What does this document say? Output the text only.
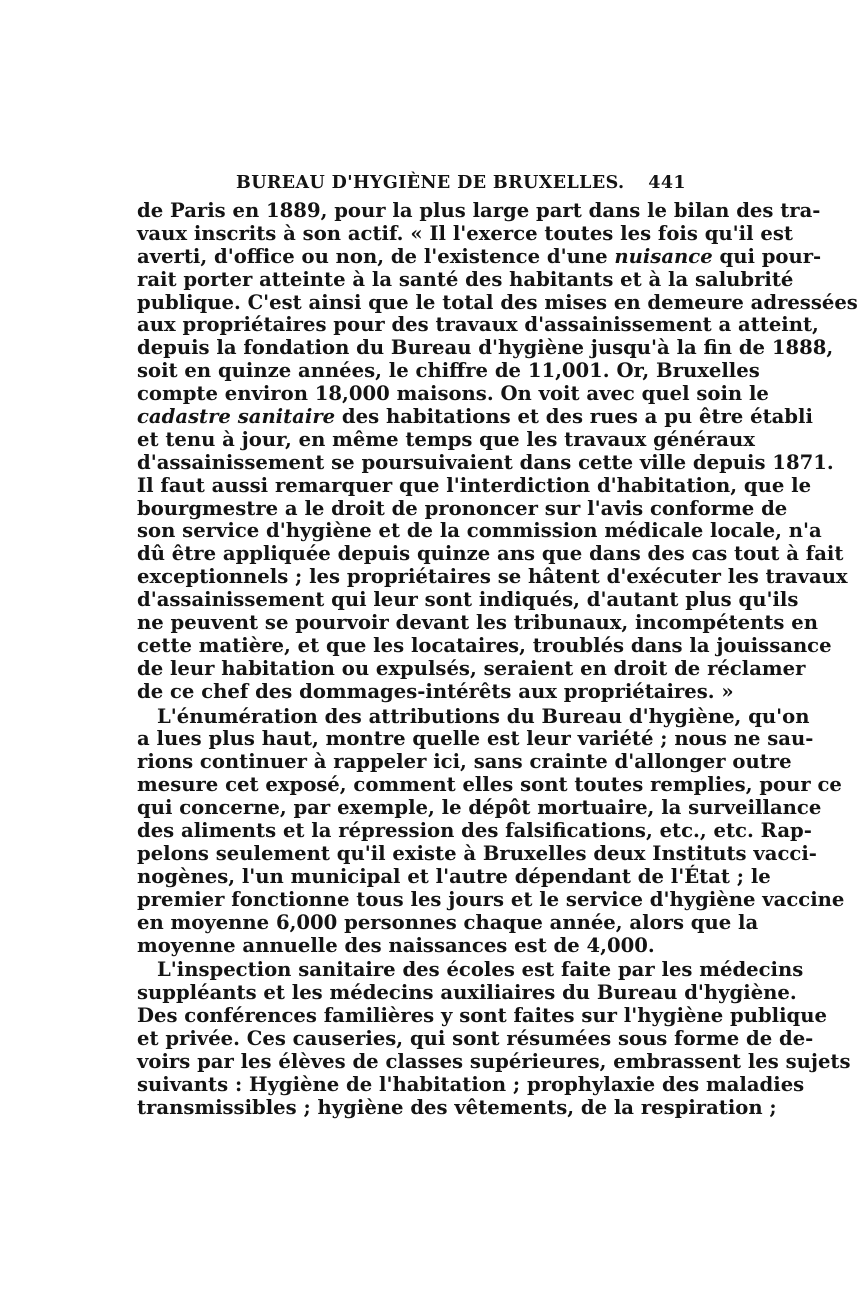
BUREAU D'HYGIÈNE DE BRUXELLES. 441
de Paris en 1889, pour la plus large part dans le bilan des tra-
vaux inscrits à son actif. « Il l'exerce toutes les fois qu'il est
averti, d'office ou non, de l'existence d'une nuisance qui pour-
rait porter atteinte à la santé des habitants et à la salubrité
publique. C'est ainsi que le total des mises en demeure adressées
aux propriétaires pour des travaux d'assainissement a atteint,
depuis la fondation du Bureau d'hygiène jusqu'à la fin de 1888,
soit en quinze années, le chiffre de 11,001. Or, Bruxelles
compte environ 18,000 maisons. On voit avec quel soin le
cadastre sanitaire des habitations et des rues a pu être établi
et tenu à jour, en même temps que les travaux généraux
d'assainissement se poursuivaient dans cette ville depuis 1871.
Il faut aussi remarquer que l'interdiction d'habitation, que le
bourgmestre a le droit de prononcer sur l'avis conforme de
son service d'hygiène et de la commission médicale locale, n'a
dû être appliquée depuis quinze ans que dans des cas tout à fait
exceptionnels ; les propriétaires se hâtent d'exécuter les travaux
d'assainissement qui leur sont indiqués, d'autant plus qu'ils
ne peuvent se pourvoir devant les tribunaux, incompétents en
cette matière, et que les locataires, troublés dans la jouissance
de leur habitation ou expulsés, seraient en droit de réclamer
de ce chef des dommages-intérêts aux propriétaires. »
L'énumération des attributions du Bureau d'hygiène, qu'on
a lues plus haut, montre quelle est leur variété ; nous ne sau-
rions continuer à rappeler ici, sans crainte d'allonger outre
mesure cet exposé, comment elles sont toutes remplies, pour ce
qui concerne, par exemple, le dépôt mortuaire, la surveillance
des aliments et la répression des falsifications, etc., etc. Rap-
pelons seulement qu'il existe à Bruxelles deux Instituts vacci-
nogènes, l'un municipal et l'autre dépendant de l'État ; le
premier fonctionne tous les jours et le service d'hygiène vaccine
en moyenne 6,000 personnes chaque année, alors que la
moyenne annuelle des naissances est de 4,000.
L'inspection sanitaire des écoles est faite par les médecins
suppléants et les médecins auxiliaires du Bureau d'hygiène.
Des conférences familières y sont faites sur l'hygiène publique
et privée. Ces causeries, qui sont résumées sous forme de de-
voirs par les élèves de classes supérieures, embrassent les sujets
suivants : Hygiène de l'habitation ; prophylaxie des maladies
transmissibles ; hygiène des vêtements, de la respiration ;
